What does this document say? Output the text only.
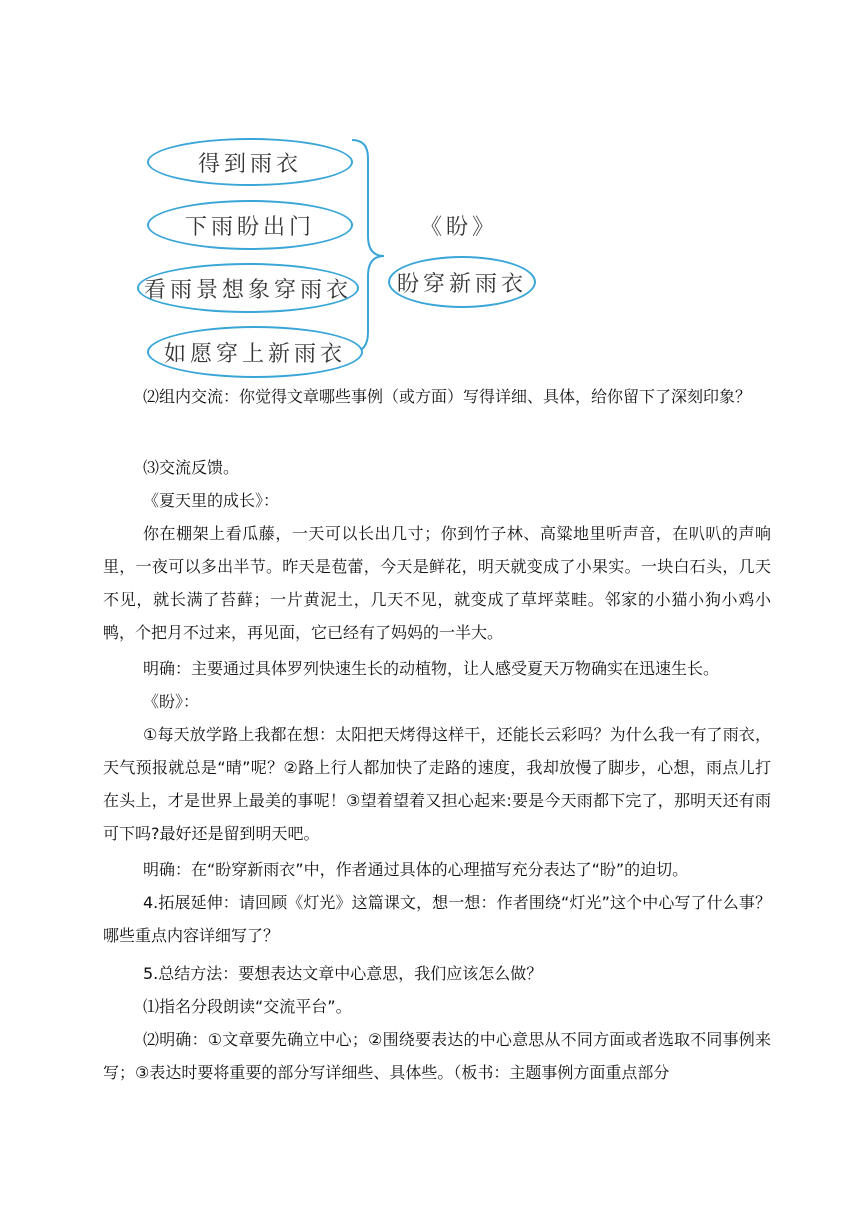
得到雨衣
下雨盼出门
看雨景想象穿雨衣
如愿穿上新雨衣
《盼》
盼穿新雨衣
⑵组内交流：你觉得文章哪些事例（或方面）写得详细、具体，给你留下了深刻印象？
⑶交流反馈。
《夏天里的成长》：
你在棚架上看瓜藤，一天可以长出几寸；你到竹子林、高粱地里听声音，在叭叭的声响里，一夜可以多出半节。昨天是苞蕾，今天是鲜花，明天就变成了小果实。一块白石头，几天不见，就长满了苔藓；一片黄泥土，几天不见，就变成了草坪菜畦。邻家的小猫小狗小鸡小鸭，个把月不过来，再见面，它已经有了妈妈的一半大。
明确：主要通过具体罗列快速生长的动植物，让人感受夏天万物确实在迅速生长。
《盼》：
①每天放学路上我都在想：太阳把天烤得这样干，还能长云彩吗？为什么我一有了雨衣，天气预报就总是“晴”呢？②路上行人都加快了走路的速度，我却放慢了脚步，心想，雨点儿打在头上，才是世界上最美的事呢！③望着望着又担心起来:要是今天雨都下完了，那明天还有雨可下吗?最好还是留到明天吧。
明确：在“盼穿新雨衣”中，作者通过具体的心理描写充分表达了“盼”的迫切。
4.拓展延伸：请回顾《灯光》这篇课文，想一想：作者围绕“灯光”这个中心写了什么事？哪些重点内容详细写了？
5.总结方法：要想表达文章中心意思，我们应该怎么做？
⑴指名分段朗读“交流平台”。
⑵明确：①文章要先确立中心；②围绕要表达的中心意思从不同方面或者选取不同事例来写；③表达时要将重要的部分写详细些、具体些。（板书：主题事例方面重点部分
